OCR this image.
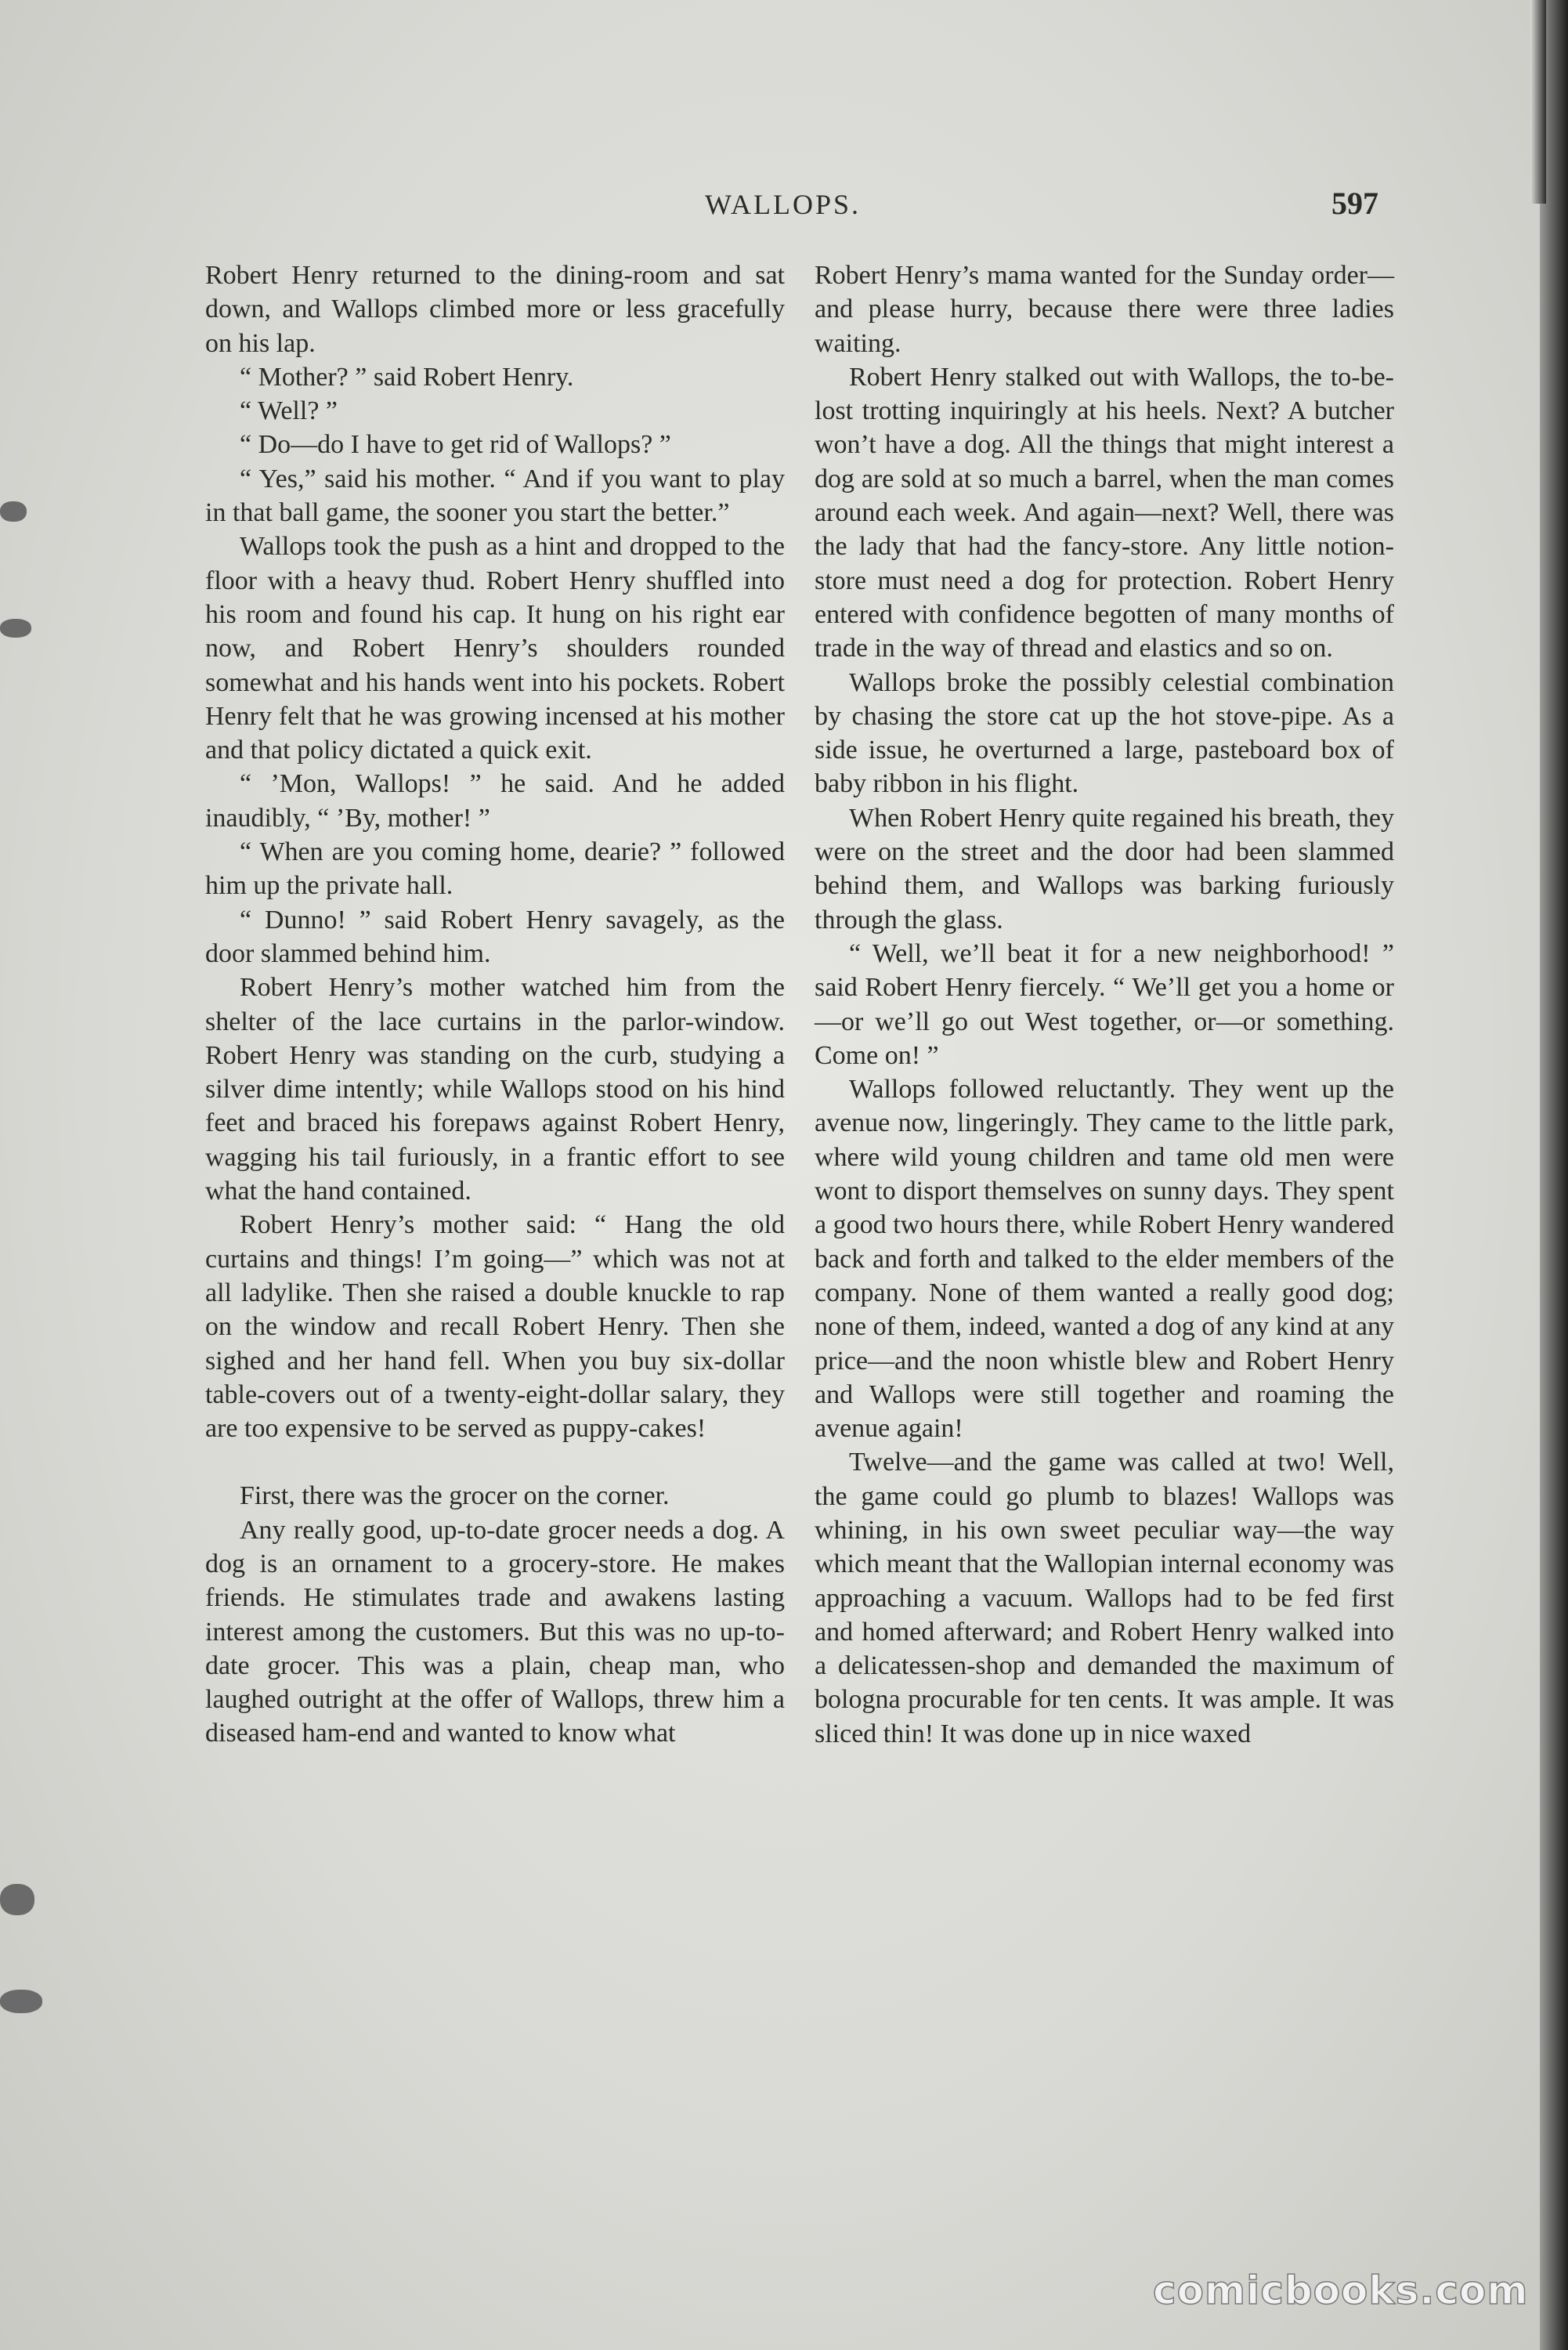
WALLOPS.	597

Robert Henry returned to the dining-room and sat down, and Wallops climbed more or less gracefully on his lap.

“ Mother? ” said Robert Henry.

“ Well? ”

“ Do—do I have to get rid of Wallops? ”

“ Yes,” said his mother. “ And if you want to play in that ball game, the sooner you start the better.”

Wallops took the push as a hint and dropped to the floor with a heavy thud. Robert Henry shuffled into his room and found his cap. It hung on his right ear now, and Robert Henry’s shoulders rounded somewhat and his hands went into his pockets. Robert Henry felt that he was growing incensed at his mother and that policy dictated a quick exit.

“ ’Mon, Wallops! ” he said. And he added inaudibly, “ ’By, mother! ”

“ When are you coming home, dearie? ” followed him up the private hall.

“ Dunno! ” said Robert Henry savagely, as the door slammed behind him.

Robert Henry’s mother watched him from the shelter of the lace curtains in the parlor-window. Robert Henry was standing on the curb, studying a silver dime intently; while Wallops stood on his hind feet and braced his forepaws against Robert Henry, wagging his tail furiously, in a frantic effort to see what the hand contained.

Robert Henry’s mother said: “ Hang the old curtains and things! I’m going—” which was not at all ladylike. Then she raised a double knuckle to rap on the window and recall Robert Henry. Then she sighed and her hand fell. When you buy six-dollar table-covers out of a twenty-eight-dollar salary, they are too expensive to be served as puppy-cakes!

First, there was the grocer on the corner.

Any really good, up-to-date grocer needs a dog. A dog is an ornament to a grocery-store. He makes friends. He stimulates trade and awakens lasting interest among the customers. But this was no up-to-date grocer. This was a plain, cheap man, who laughed outright at the offer of Wallops, threw him a diseased ham-end and wanted to know what

Robert Henry’s mama wanted for the Sunday order—and please hurry, because there were three ladies waiting.

Robert Henry stalked out with Wallops, the to-be-lost trotting inquiringly at his heels. Next? A butcher won’t have a dog. All the things that might interest a dog are sold at so much a barrel, when the man comes around each week. And again—next? Well, there was the lady that had the fancy-store. Any little notion-store must need a dog for protection. Robert Henry entered with confidence begotten of many months of trade in the way of thread and elastics and so on.

Wallops broke the possibly celestial combination by chasing the store cat up the hot stove-pipe. As a side issue, he overturned a large, pasteboard box of baby ribbon in his flight.

When Robert Henry quite regained his breath, they were on the street and the door had been slammed behind them, and Wallops was barking furiously through the glass.

“ Well, we’ll beat it for a new neighborhood! ” said Robert Henry fiercely. “ We’ll get you a home or—or we’ll go out West together, or—or something. Come on! ”

Wallops followed reluctantly. They went up the avenue now, lingeringly. They came to the little park, where wild young children and tame old men were wont to disport themselves on sunny days. They spent a good two hours there, while Robert Henry wandered back and forth and talked to the elder members of the company. None of them wanted a really good dog; none of them, indeed, wanted a dog of any kind at any price—and the noon whistle blew and Robert Henry and Wallops were still together and roaming the avenue again!

Twelve—and the game was called at two! Well, the game could go plumb to blazes! Wallops was whining, in his own sweet peculiar way—the way which meant that the Wallopian internal economy was approaching a vacuum. Wallops had to be fed first and homed afterward; and Robert Henry walked into a delicatessen-shop and demanded the maximum of bologna procurable for ten cents. It was ample. It was sliced thin! It was done up in nice waxed

comicbooks.com
